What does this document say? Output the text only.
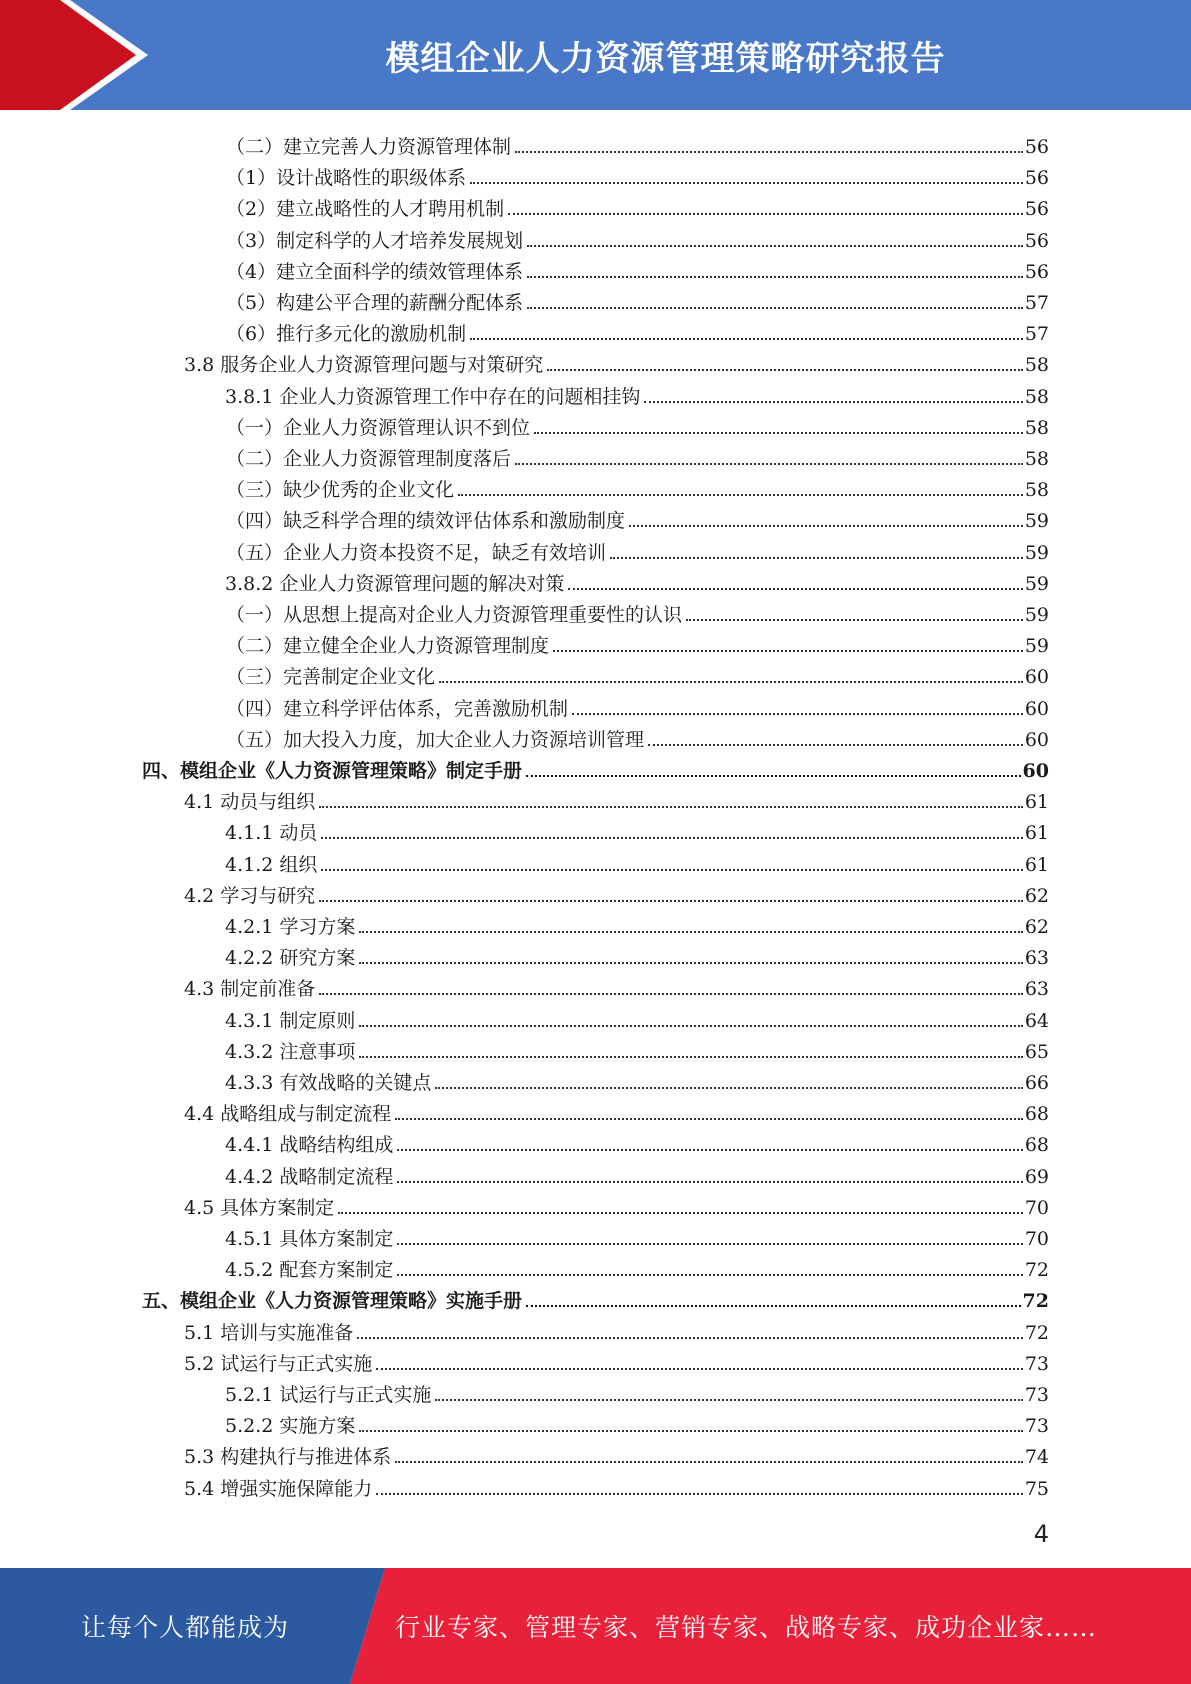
模组企业人力资源管理策略研究报告
（二）建立完善人力资源管理体制	56
（1）设计战略性的职级体系	56
（2）建立战略性的人才聘用机制	56
（3）制定科学的人才培养发展规划	56
（4）建立全面科学的绩效管理体系	56
（5）构建公平合理的薪酬分配体系	57
（6）推行多元化的激励机制	57
3.8 服务企业人力资源管理问题与对策研究	58
3.8.1 企业人力资源管理工作中存在的问题相挂钩	58
（一）企业人力资源管理认识不到位	58
（二）企业人力资源管理制度落后	58
（三）缺少优秀的企业文化	58
（四）缺乏科学合理的绩效评估体系和激励制度	59
（五）企业人力资本投资不足，缺乏有效培训	59
3.8.2 企业人力资源管理问题的解决对策	59
（一）从思想上提高对企业人力资源管理重要性的认识	59
（二）建立健全企业人力资源管理制度	59
（三）完善制定企业文化	60
（四）建立科学评估体系，完善激励机制	60
（五）加大投入力度，加大企业人力资源培训管理	60
四、模组企业《人力资源管理策略》制定手册	60
4.1 动员与组织	61
4.1.1 动员	61
4.1.2 组织	61
4.2 学习与研究	62
4.2.1 学习方案	62
4.2.2 研究方案	63
4.3 制定前准备	63
4.3.1 制定原则	64
4.3.2 注意事项	65
4.3.3 有效战略的关键点	66
4.4 战略组成与制定流程	68
4.4.1 战略结构组成	68
4.4.2 战略制定流程	69
4.5 具体方案制定	70
4.5.1 具体方案制定	70
4.5.2 配套方案制定	72
五、模组企业《人力资源管理策略》实施手册	72
5.1 培训与实施准备	72
5.2 试运行与正式实施	73
5.2.1 试运行与正式实施	73
5.2.2 实施方案	73
5.3 构建执行与推进体系	74
5.4 增强实施保障能力	75
4
让每个人都能成为	行业专家、管理专家、营销专家、战略专家、成功企业家……
